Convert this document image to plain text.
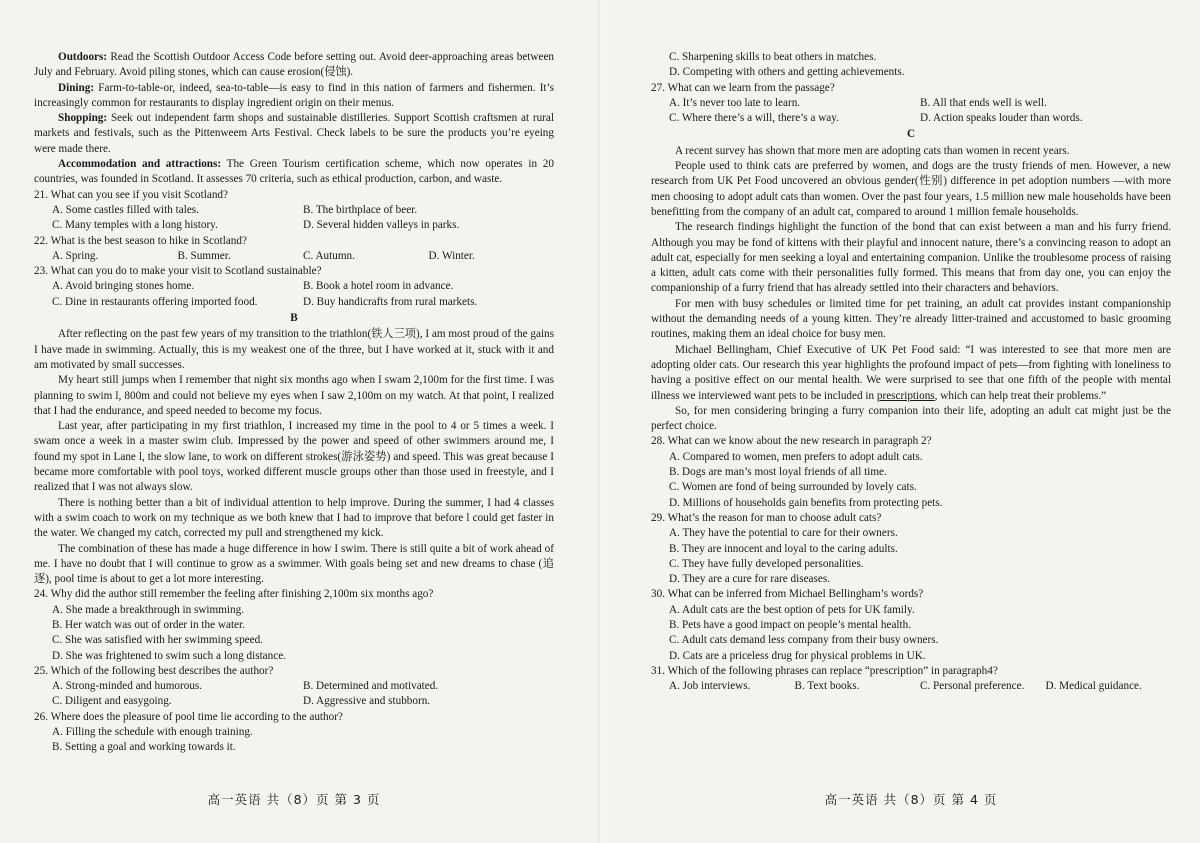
Outdoors: Read the Scottish Outdoor Access Code before setting out. Avoid deer-approaching areas between July and February. Avoid piling stones, which can cause erosion(侵蚀).

Dining: Farm-to-table-or, indeed, sea-to-table—is easy to find in this nation of farmers and fishermen. It’s increasingly common for restaurants to display ingredient origin on their menus.

Shopping: Seek out independent farm shops and sustainable distilleries. Support Scottish craftsmen at rural markets and festivals, such as the Pittenweem Arts Festival. Check labels to be sure the products you’re eyeing were made there.

Accommodation and attractions: The Green Tourism certification scheme, which now operates in 20 countries, was founded in Scotland. It assesses 70 criteria, such as ethical production, carbon, and waste.

21. What can you see if you visit Scotland?

A. Some castles filled with tales.	B. The birthplace of beer.
C. Many temples with a long history.	D. Several hidden valleys in parks.

22. What is the best season to hike in Scotland?

A. Spring.	B. Summer.	C. Autumn.	D. Winter.

23. What can you do to make your visit to Scotland sustainable?

A. Avoid bringing stones home.	B. Book a hotel room in advance.
C. Dine in restaurants offering imported food.	D. Buy handicrafts from rural markets.

B

After reflecting on the past few years of my transition to the triathlon(铁人三项), I am most proud of the gains I have made in swimming. Actually, this is my weakest one of the three, but I have worked at it, stuck with it and am motivated by small successes.

My heart still jumps when I remember that night six months ago when I swam 2,100m for the first time. I was planning to swim l, 800m and could not believe my eyes when I saw 2,100m on my watch. At that point, I realized that I had the endurance, and speed needed to become my focus.

Last year, after participating in my first triathlon, I increased my time in the pool to 4 or 5 times a week. I swam once a week in a master swim club. Impressed by the power and speed of other swimmers around me, I found my spot in Lane l, the slow lane, to work on different strokes(游泳姿势) and speed. This was great because I became more comfortable with pool toys, worked different muscle groups other than those used in freestyle, and I realized that I was not always slow.

There is nothing better than a bit of individual attention to help improve. During the summer, I had 4 classes with a swim coach to work on my technique as we both knew that I had to improve that before l could get faster in the water. We changed my catch, corrected my pull and strengthened my kick.

The combination of these has made a huge difference in how I swim. There is still quite a bit of work ahead of me. I have no doubt that I will continue to grow as a swimmer. With goals being set and new dreams to chase (追逐), pool time is about to get a lot more interesting.

24. Why did the author still remember the feeling after finishing 2,100m six months ago?

A. She made a breakthrough in swimming.
B. Her watch was out of order in the water.
C. She was satisfied with her swimming speed.
D. She was frightened to swim such a long distance.

25. Which of the following best describes the author?

A. Strong-minded and humorous.	B. Determined and motivated.
C. Diligent and easygoing.	D. Aggressive and stubborn.

26. Where does the pleasure of pool time lie according to the author?

A. Filling the schedule with enough training.
B. Setting a goal and working towards it.
高一英语 共（8）页 第 3 页
C. Sharpening skills to beat others in matches.
D. Competing with others and getting achievements.

27. What can we learn from the passage?

A. It’s never too late to learn.	B. All that ends well is well.
C. Where there’s a will, there’s a way.	D. Action speaks louder than words.

C

A recent survey has shown that more men are adopting cats than women in recent years.

People used to think cats are preferred by women, and dogs are the trusty friends of men. However, a new research from UK Pet Food uncovered an obvious gender(性别) difference in pet adoption numbers —with more men choosing to adopt adult cats than women. Over the past four years, 1.5 million new male households have been benefitting from the company of an adult cat, compared to around 1 million female households.

The research findings highlight the function of the bond that can exist between a man and his furry friend. Although you may be fond of kittens with their playful and innocent nature, there’s a convincing reason to adopt an adult cat, especially for men seeking a loyal and entertaining companion. Unlike the troublesome process of raising a kitten, adult cats come with their personalities fully formed. This means that from day one, you can enjoy the companionship of a furry friend that has already settled into their characters and behaviors.

For men with busy schedules or limited time for pet training, an adult cat provides instant companionship without the demanding needs of a young kitten. They’re already litter-trained and accustomed to basic grooming routines, making them an ideal choice for busy men.

Michael Bellingham, Chief Executive of UK Pet Food said: “I was interested to see that more men are adopting older cats. Our research this year highlights the profound impact of pets—from fighting with loneliness to having a positive effect on our mental health. We were surprised to see that one fifth of the people with mental illness we interviewed want pets to be included in prescriptions, which can help treat their problems.”

So, for men considering bringing a furry companion into their life, adopting an adult cat might just be the perfect choice.

28. What can we know about the new research in paragraph 2?

A. Compared to women, men prefers to adopt adult cats.
B. Dogs are man’s most loyal friends of all time.
C. Women are fond of being surrounded by lovely cats.
D. Millions of households gain benefits from protecting pets.

29. What’s the reason for man to choose adult cats?

A. They have the potential to care for their owners.
B. They are innocent and loyal to the caring adults.
C. They have fully developed personalities.
D. They are a cure for rare diseases.

30. What can be inferred from Michael Bellingham’s words?

A. Adult cats are the best option of pets for UK family.
B. Pets have a good impact on people’s mental health.
C. Adult cats demand less company from their busy owners.
D. Cats are a priceless drug for physical problems in UK.

31. Which of the following phrases can replace “prescription” in paragraph4?

A. Job interviews.	B. Text books.	C. Personal preference.	D. Medical guidance.
高一英语 共（8）页 第 4 页
